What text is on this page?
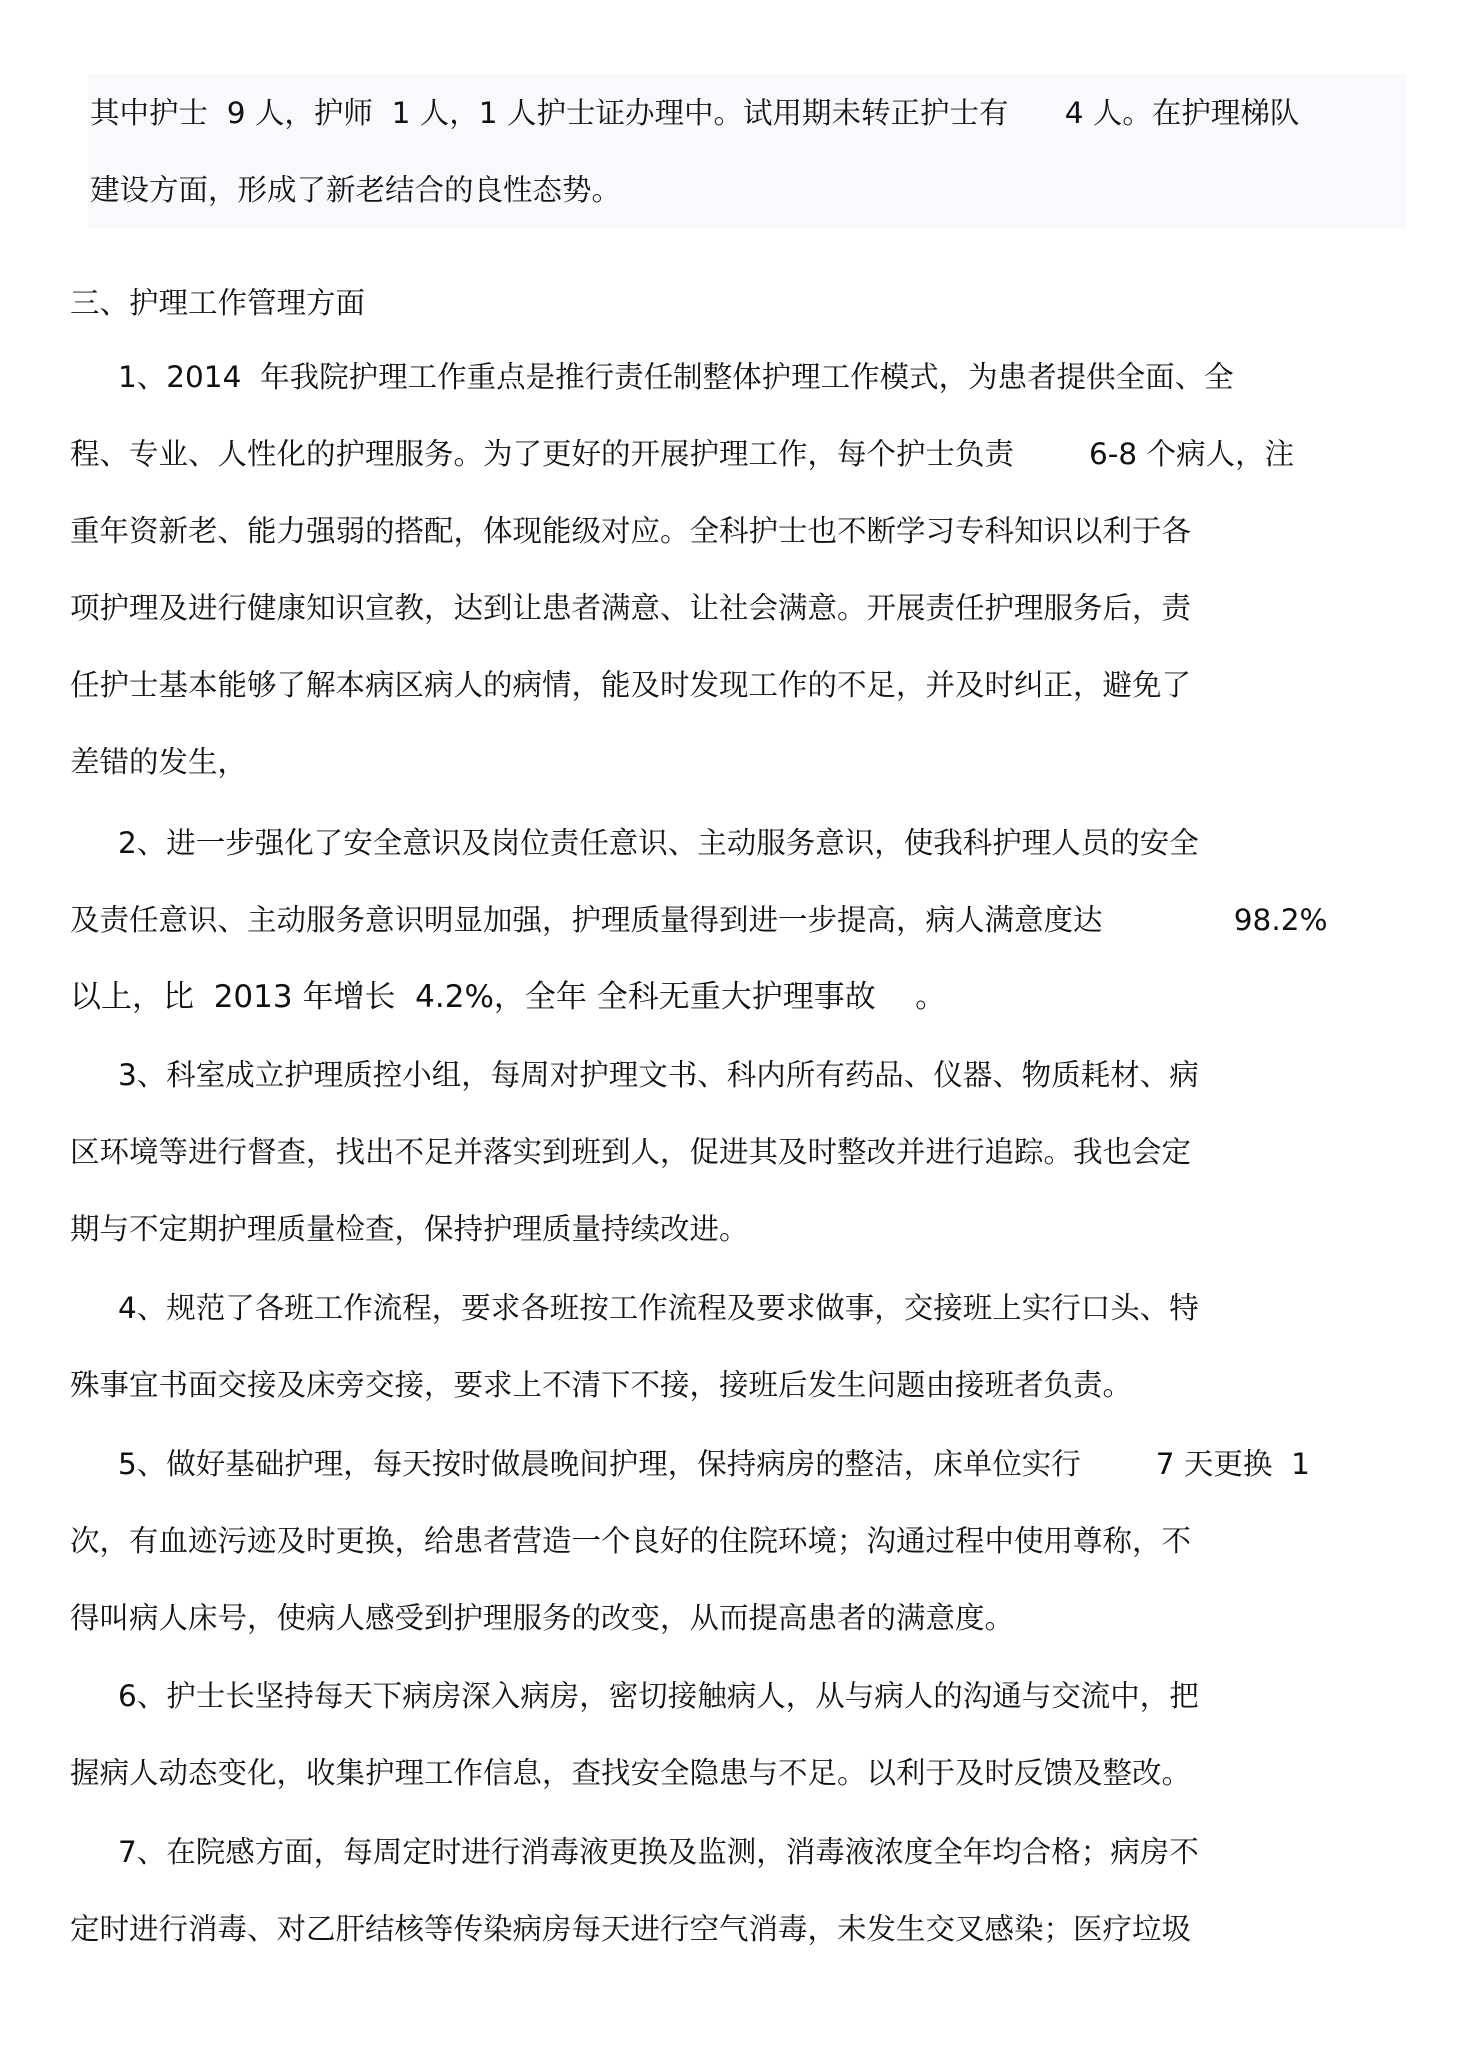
其中护士  9 人，护师  1 人，1 人护士证办理中。试用期未转正护士有      4 人。在护理梯队
建设方面，形成了新老结合的良性态势。
三、护理工作管理方面
1、2014  年我院护理工作重点是推行责任制整体护理工作模式，为患者提供全面、全
程、专业、人性化的护理服务。为了更好的开展护理工作，每个护士负责        6-8 个病人，注
重年资新老、能力强弱的搭配，体现能级对应。全科护士也不断学习专科知识以利于各
项护理及进行健康知识宣教，达到让患者满意、让社会满意。开展责任护理服务后，责
任护士基本能够了解本病区病人的病情，能及时发现工作的不足，并及时纠正，避免了
差错的发生，
2、进一步强化了安全意识及岗位责任意识、主动服务意识，使我科护理人员的安全
及责任意识、主动服务意识明显加强，护理质量得到进一步提高，病人满意度达              98.2%
以上，比  2013 年增长  4.2%，全年 全科无重大护理事故    。
3、科室成立护理质控小组，每周对护理文书、科内所有药品、仪器、物质耗材、病
区环境等进行督查，找出不足并落实到班到人，促进其及时整改并进行追踪。我也会定
期与不定期护理质量检查，保持护理质量持续改进。
4、规范了各班工作流程，要求各班按工作流程及要求做事，交接班上实行口头、特
殊事宜书面交接及床旁交接，要求上不清下不接，接班后发生问题由接班者负责。
5、做好基础护理，每天按时做晨晚间护理，保持病房的整洁，床单位实行        7 天更换  1
次，有血迹污迹及时更换，给患者营造一个良好的住院环境；沟通过程中使用尊称，不
得叫病人床号，使病人感受到护理服务的改变，从而提高患者的满意度。
6、护士长坚持每天下病房深入病房，密切接触病人，从与病人的沟通与交流中，把
握病人动态变化，收集护理工作信息，查找安全隐患与不足。以利于及时反馈及整改。
7、在院感方面，每周定时进行消毒液更换及监测，消毒液浓度全年均合格；病房不
定时进行消毒、对乙肝结核等传染病房每天进行空气消毒，未发生交叉感染；医疗垃圾
